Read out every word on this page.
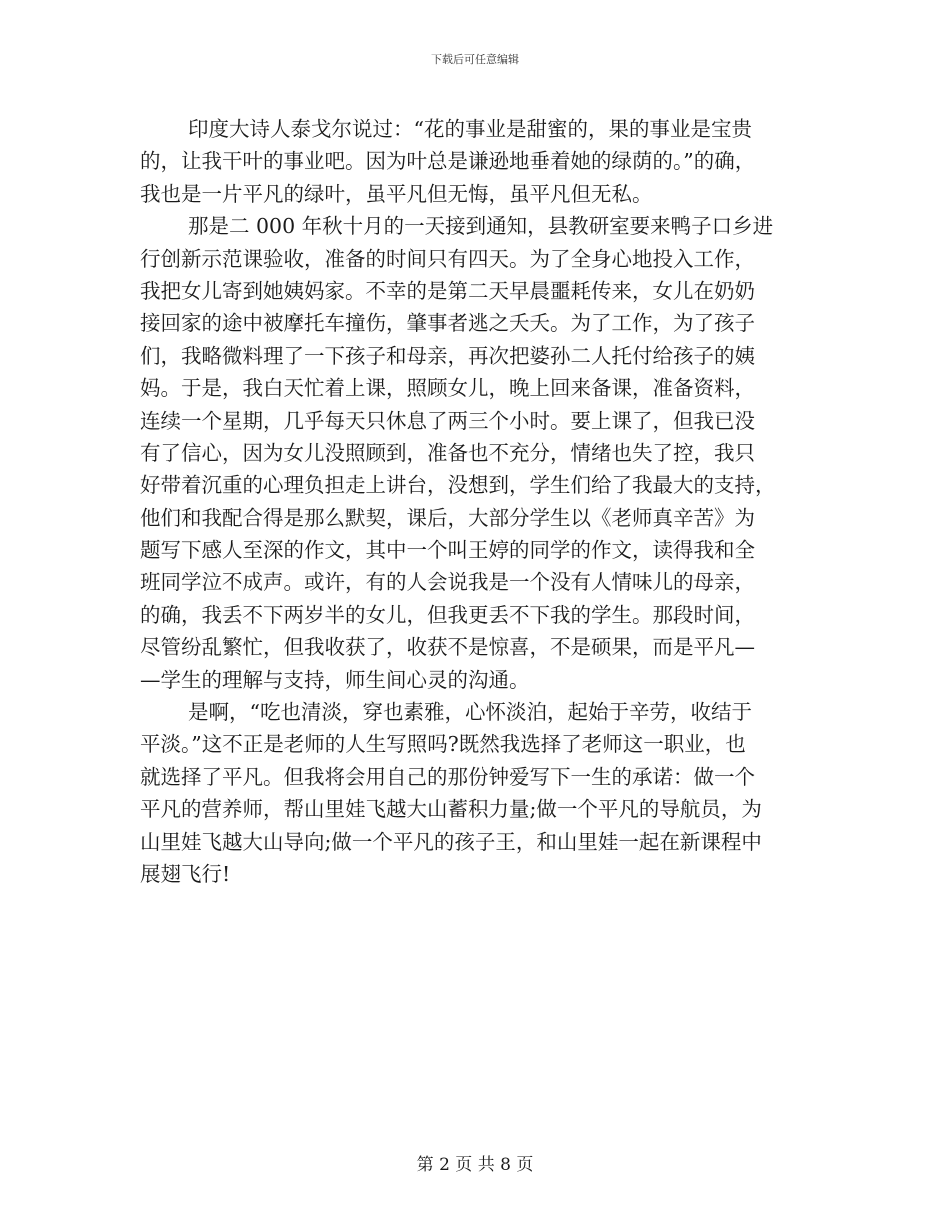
下载后可任意编辑

印度大诗人泰戈尔说过：“花的事业是甜蜜的，果的事业是宝贵
的，让我干叶的事业吧。因为叶总是谦逊地垂着她的绿荫的。”的确，
我也是一片平凡的绿叶，虽平凡但无悔，虽平凡但无私。

那是二 000 年秋十月的一天接到通知，县教研室要来鸭子口乡进
行创新示范课验收，准备的时间只有四天。为了全身心地投入工作，
我把女儿寄到她姨妈家。不幸的是第二天早晨噩耗传来，女儿在奶奶
接回家的途中被摩托车撞伤，肇事者逃之夭夭。为了工作，为了孩子
们，我略微料理了一下孩子和母亲，再次把婆孙二人托付给孩子的姨
妈。于是，我白天忙着上课，照顾女儿，晚上回来备课，准备资料，
连续一个星期，几乎每天只休息了两三个小时。要上课了，但我已没
有了信心，因为女儿没照顾到，准备也不充分，情绪也失了控，我只
好带着沉重的心理负担走上讲台，没想到，学生们给了我最大的支持，
他们和我配合得是那么默契，课后，大部分学生以《老师真辛苦》为
题写下感人至深的作文，其中一个叫王婷的同学的作文，读得我和全
班同学泣不成声。或许，有的人会说我是一个没有人情味儿的母亲，
的确，我丢不下两岁半的女儿，但我更丢不下我的学生。那段时间，
尽管纷乱繁忙，但我收获了，收获不是惊喜，不是硕果，而是平凡—
—学生的理解与支持，师生间心灵的沟通。

是啊，“吃也清淡，穿也素雅，心怀淡泊，起始于辛劳，收结于
平淡。”这不正是老师的人生写照吗?既然我选择了老师这一职业，也
就选择了平凡。但我将会用自己的那份钟爱写下一生的承诺：做一个
平凡的营养师，帮山里娃飞越大山蓄积力量;做一个平凡的导航员，为
山里娃飞越大山导向;做一个平凡的孩子王，和山里娃一起在新课程中
展翅飞行!

第 2 页 共 8 页
